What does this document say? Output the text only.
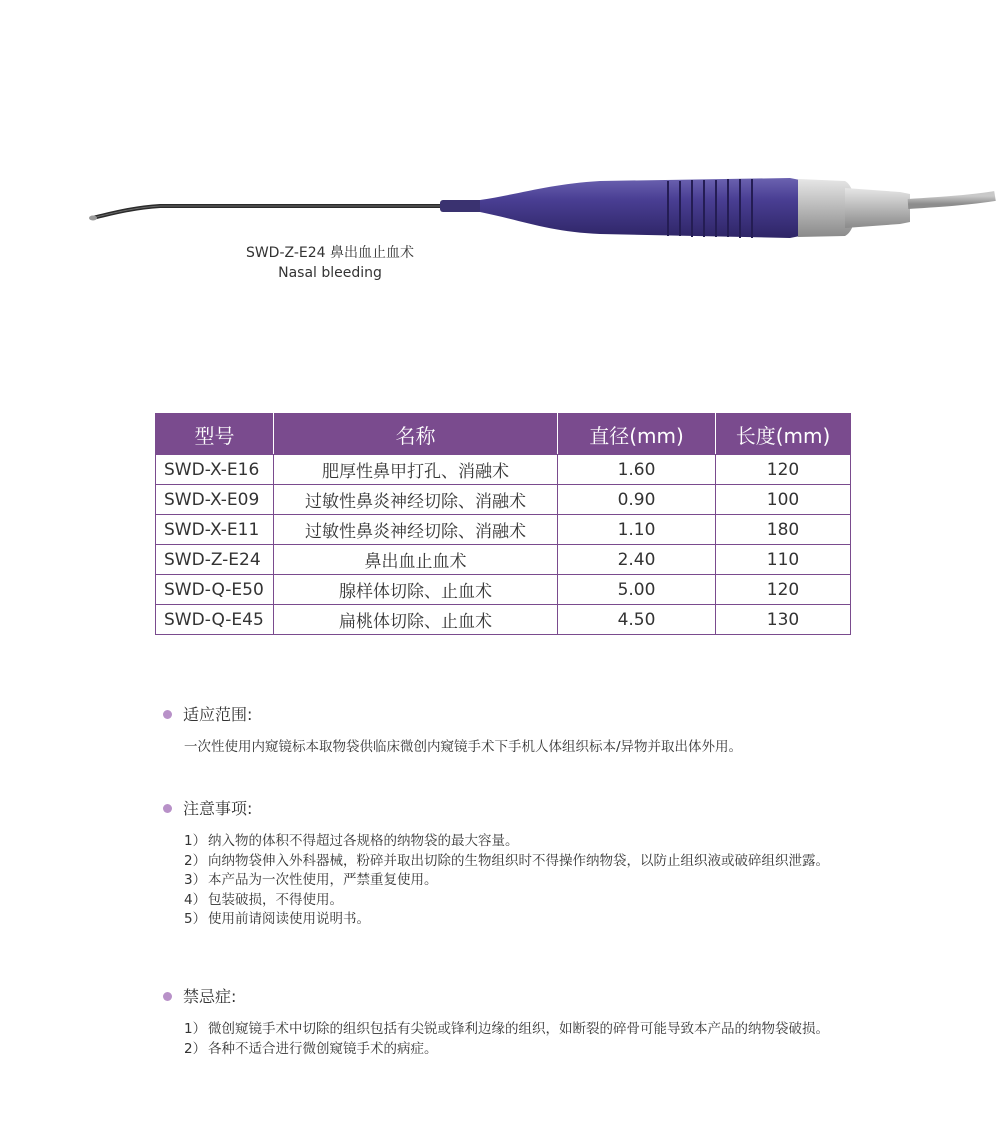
SWD-Z-E24 鼻出血止血术
Nasal bleeding
型号	名称	直径(mm)	长度(mm)
SWD-X-E16	肥厚性鼻甲打孔、消融术	1.60	120
SWD-X-E09	过敏性鼻炎神经切除、消融术	0.90	100
SWD-X-E11	过敏性鼻炎神经切除、消融术	1.10	180
SWD-Z-E24	鼻出血止血术	2.40	110
SWD-Q-E50	腺样体切除、止血术	5.00	120
SWD-Q-E45	扁桃体切除、止血术	4.50	130
适应范围:
一次性使用内窥镜标本取物袋供临床微创内窥镜手术下手机人体组织标本/异物并取出体外用。
注意事项:
1） 纳入物的体积不得超过各规格的纳物袋的最大容量。
2） 向纳物袋伸入外科器械，粉碎并取出切除的生物组织时不得操作纳物袋，以防止组织液或破碎组织泄露。
3） 本产品为一次性使用，严禁重复使用。
4） 包装破损，不得使用。
5） 使用前请阅读使用说明书。
禁忌症:
1） 微创窥镜手术中切除的组织包括有尖锐或锋利边缘的组织，如断裂的碎骨可能导致本产品的纳物袋破损。
2） 各种不适合进行微创窥镜手术的病症。
